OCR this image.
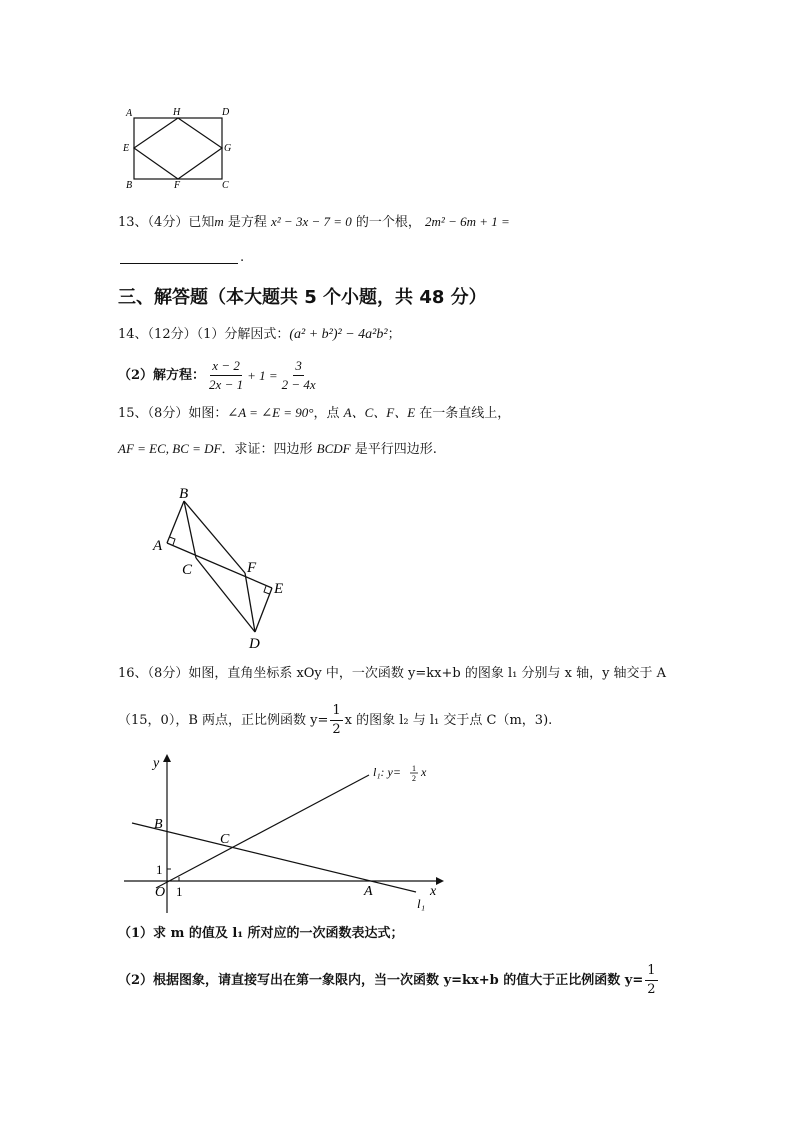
A	H	D
E	G
B	F	C
13、（4分）已知m 是方程 x² − 3x − 7 = 0 的一个根， 2m² − 6m + 1 =
.
三、解答题（本大题共 5 个小题，共 48 分）
14、（12分）（1）分解因式：(a² + b²)² − 4a²b²；
（2）解方程： $\frac{x - 2}{2x - 1} + 1 = \frac{3}{2 - 4x}$
15、（8分）如图：∠A = ∠E = 90°，点 A、C、F、E 在一条直线上，
AF = EC, BC = DF．求证：四边形 BCDF 是平行四边形.
B
A
C	F
E
D
16、（8分）如图，直角坐标系 xOy 中，一次函数 y=kx+b 的图象 l₁ 分别与 x 轴，y 轴交于 A
（15，0），B 两点，正比例函数 $y= \frac{1}{2}$ x 的图象 l₂ 与 l₁ 交于点 C（m，3).
y
x
O 1
1
B
C
A
l₁: y= 1
2 x
l₁
（1）求 m 的值及 l₁ 所对应的一次函数表达式；
（2）根据图象，请直接写出在第一象限内，当一次函数 y=kx+b 的值大于正比例函数 $y= \frac{1}{2}$
